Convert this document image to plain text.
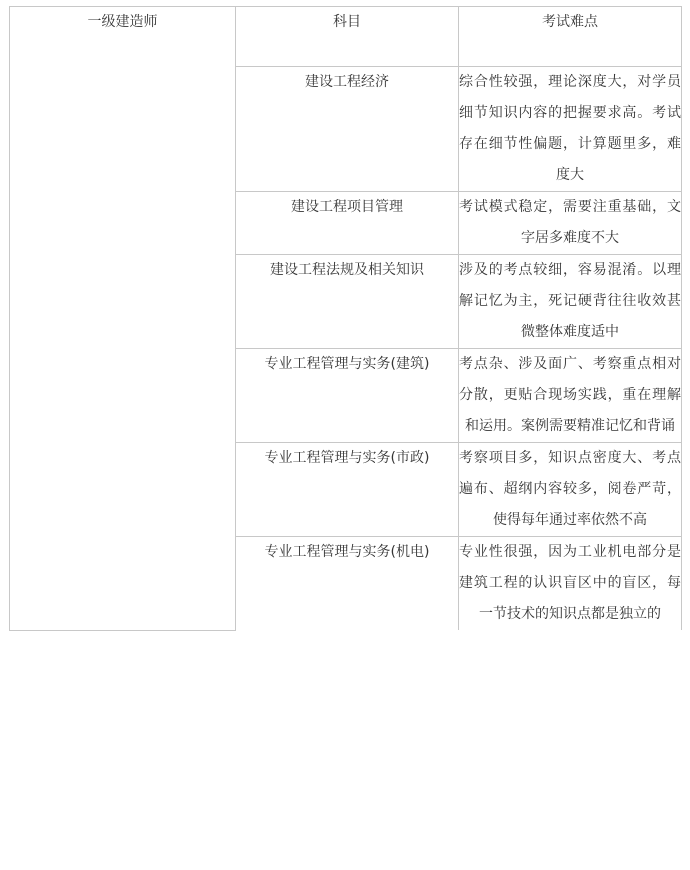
一级建造师	科目	考试难点
	建设工程经济	综合性较强，理论深度大，对学员细节知识内容的把握要求高。考试存在细节性偏题，计算题里多，难度大
	建设工程项目管理	考试模式稳定，需要注重基础，文字居多难度不大
	建设工程法规及相关知识	涉及的考点较细，容易混淆。以理解记忆为主，死记硬背往往收效甚微整体难度适中
	专业工程管理与实务(建筑)	考点杂、涉及面广、考察重点相对分散，更贴合现场实践，重在理解和运用。案例需要精准记忆和背诵
	专业工程管理与实务(市政)	考察项目多，知识点密度大、考点遍布、超纲内容较多，阅卷严苛，使得每年通过率依然不高
	专业工程管理与实务(机电)	专业性很强，因为工业机电部分是建筑工程的认识盲区中的盲区，每一节技术的知识点都是独立的
